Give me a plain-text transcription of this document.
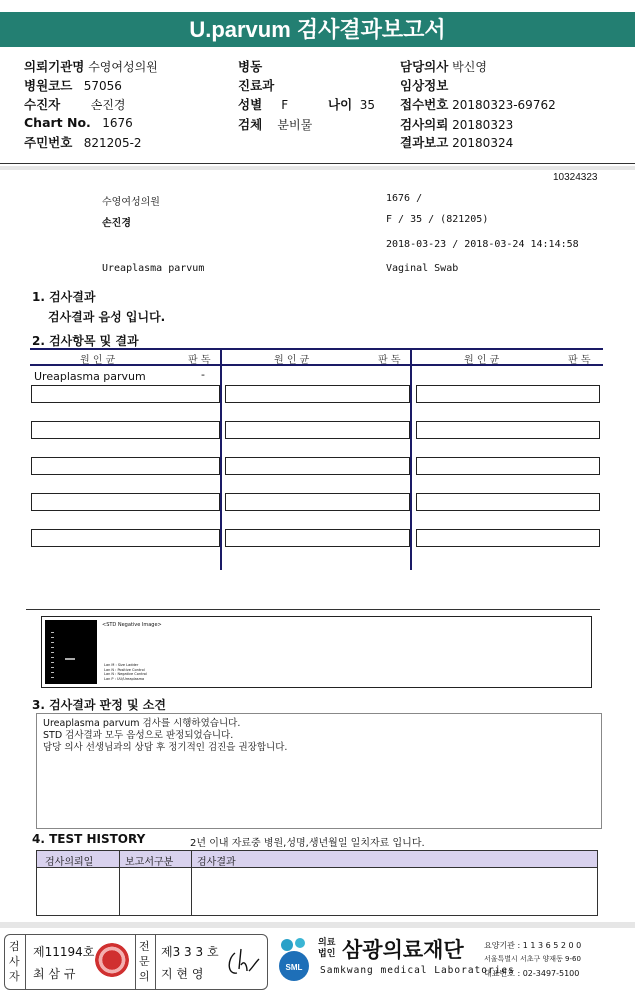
U.parvum 검사결과보고서
의뢰기관명 수영여성의원
병원코드 57056
수진자	손진경
Chart No. 1676
주민번호 821205-2
병동
진료과
성별 F	나이 35
검체 분비물
담당의사 박신영
임상정보
접수번호 20180323-69762
검사의뢰 20180323
결과보고 20180324
10324323
수영여성의원	1676 /
손진경	F / 35 / (821205)
2018-03-23 / 2018-03-24 14:14:58
Ureaplasma parvum	Vaginal Swab
1. 검사결과
검사결과 음성 입니다.
2. 검사항목 및 결과
원 인 균	판 독	원 인 균	판 독	원 인 균	판 독
Ureaplasma parvum	-
<STD Negative Image>
Lan M : Size Ladder
Lan N : Positive Control
Lan N : Negative Control
Lan P : UU/Ureaplasma
3. 검사결과 판정 및 소견
Ureaplasma parvum 검사를 시행하였습니다.
STD 검사결과 모두 음성으로 판정되었습니다.
담당 의사 선생님과의 상담 후 정기적인 검진을 권장합니다.
4. TEST HISTORY	2년 이내 자료중 병원,성명,생년월일 일치자료 입니다.
검사의뢰일	보고서구분 검사결과
검
사
자
제11194호
최 삼 규
전
문
의
제3 3 3 호
지 현 영	SML
의료
법인 삼광의료재단
Samkwang medical Laboratories
요양기관 : 1 1 3 6 5 2 0 0
서울특별시 서초구 양재동 9-60
대표번호 : 02-3497-5100
